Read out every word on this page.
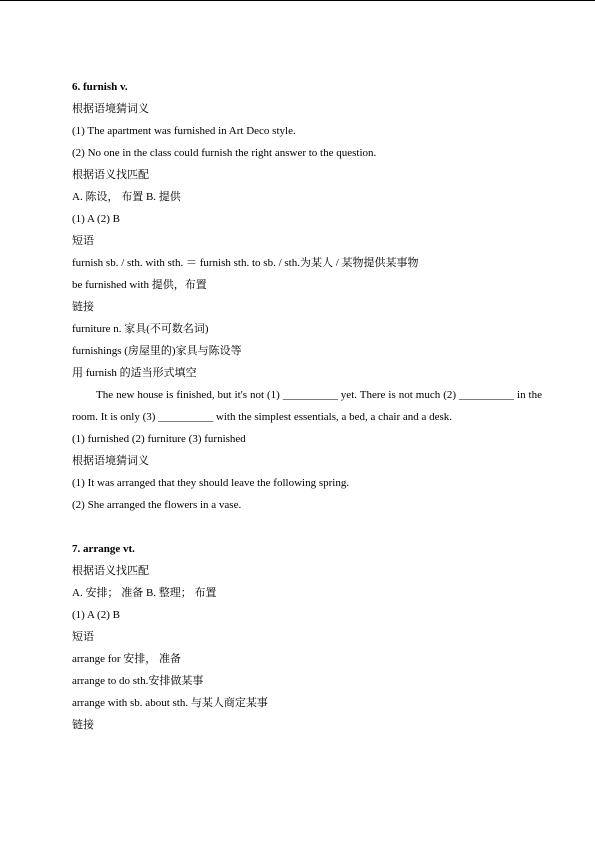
6. furnish v.
根据语境猜词义
(1) The apartment was furnished in Art Deco style.
(2) No one in the class could furnish the right answer to the question.
根据语义找匹配
A. 陈设， 布置 B. 提供
(1) A (2) B
短语
furnish sb. / sth. with sth. ＝ furnish sth. to sb. / sth.为某人 / 某物提供某事物
be furnished with 提供，布置
链接
furniture n. 家具(不可数名词)
furnishings (房屋里的)家具与陈设等
用 furnish 的适当形式填空

The new house is finished, but it's not (1) __________ yet. There is not much (2) __________ in the room. It is only (3) __________ with the simplest essentials, a bed, a chair and a desk.

(1) furnished (2) furniture (3) furnished
根据语境猜词义
(1) It was arranged that they should leave the following spring.
(2) She arranged the flowers in a vase.
7. arrange vt.
根据语义找匹配
A. 安排； 准备 B. 整理； 布置
(1) A (2) B
短语
arrange for 安排， 准备
arrange to do sth.安排做某事
arrange with sb. about sth. 与某人商定某事
链接
